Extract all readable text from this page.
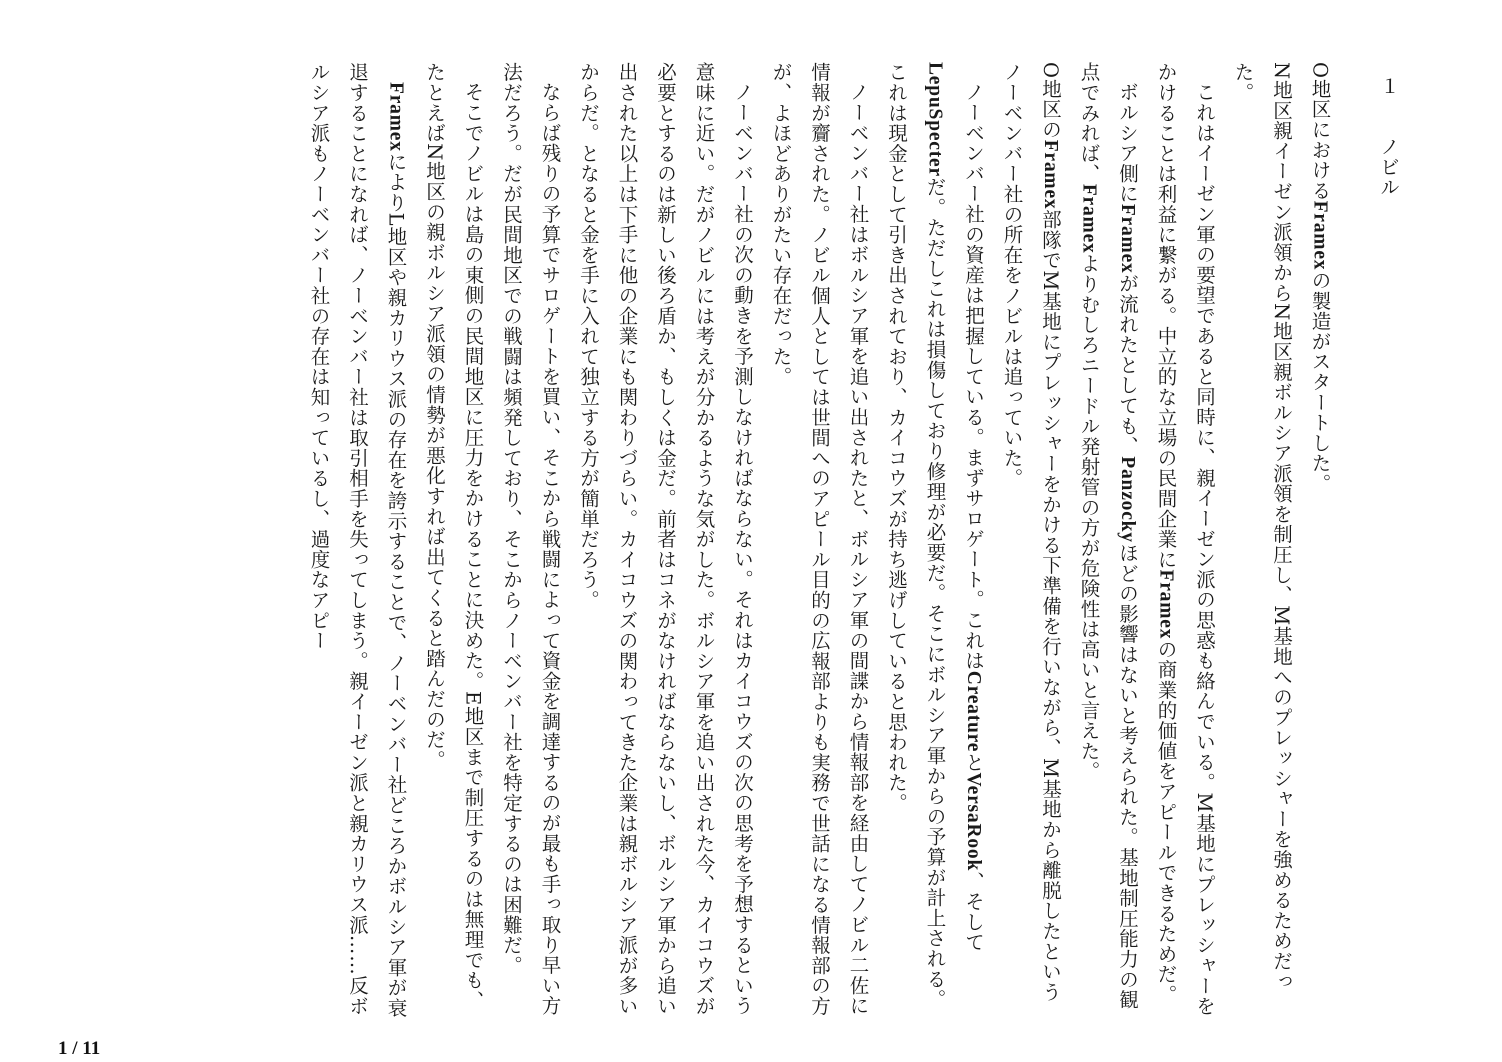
１ノビル

O地区におけるFramexの製造がスタートした。

N地区親イーゼン派領からN地区親ボルシア派領を制圧し、M基地へのプレッシャーを強めるためだった。

これはイーゼン軍の要望であると同時に、親イーゼン派の思惑も絡んでいる。M基地にプレッシャーをかけることは利益に繋がる。中立的な立場の民間企業にFramexの商業的価値をアピールできるためだ。

ボルシア側にFramexが流れたとしても、Panzockyほどの影響はないと考えられた。基地制圧能力の観点でみれば、Framexよりむしろニードル発射管の方が危険性は高いと言えた。

O地区のFramex部隊でM基地にプレッシャーをかける下準備を行いながら、M基地から離脱したというノーベンバー社の所在をノビルは追っていた。

ノーベンバー社の資産は把握している。まずサロゲート。これはCreatureとVersaRook、そしてLepuSpecterだ。ただしこれは損傷しており修理が必要だ。そこにボルシア軍からの予算が計上される。これは現金として引き出されており、カイコウズが持ち逃げしていると思われた。

ノーベンバー社はボルシア軍を追い出されたと、ボルシア軍の間諜から情報部を経由してノビル二佐に情報が齎された。ノビル個人としては世間へのアピール目的の広報部よりも実務で世話になる情報部の方が、よほどありがたい存在だった。

ノーベンバー社の次の動きを予測しなければならない。それはカイコウズの次の思考を予想するという意味に近い。だがノビルには考えが分かるような気がした。ボルシア軍を追い出された今、カイコウズが必要とするのは新しい後ろ盾か、もしくは金だ。前者はコネがなければならないし、ボルシア軍から追い出された以上は下手に他の企業にも関わりづらい。カイコウズの関わってきた企業は親ボルシア派が多いからだ。となると金を手に入れて独立する方が簡単だろう。

ならば残りの予算でサロゲートを買い、そこから戦闘によって資金を調達するのが最も手っ取り早い方法だろう。だが民間地区での戦闘は頻発しており、そこからノーベンバー社を特定するのは困難だ。

そこでノビルは島の東側の民間地区に圧力をかけることに決めた。E地区まで制圧するのは無理でも、たとえばN地区の親ボルシア派領の情勢が悪化すれば出てくると踏んだのだ。

FramexによりL地区や親カリウス派の存在を誇示することで、ノーベンバー社どころかボルシア軍が衰退することになれば、ノーベンバー社は取引相手を失ってしまう。親イーゼン派と親カリウス派……反ボルシア派もノーベンバー社の存在は知っているし、過度なアピー

1 / 11
